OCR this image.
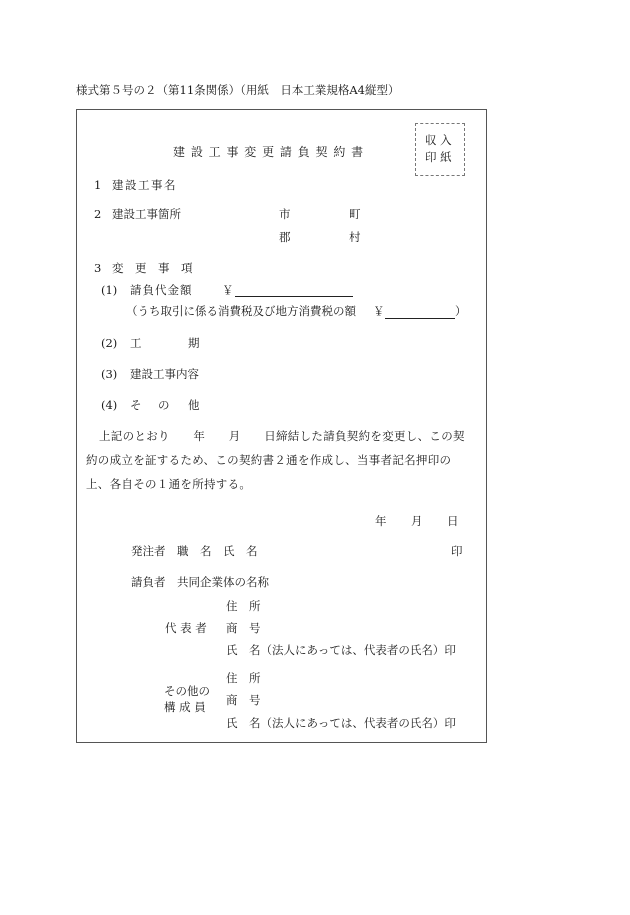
様式第５号の２（第11条関係）（用紙　日本工業規格A4縦型）
建 設 工 事 変 更 請 負 契 約 書
収 入
印 紙
1 建設工事名
2 建設工事箇所	市	町
郡	村
3 変　更　事　項
(1) 請負代金額	￥
（うち取引に係る消費税及び地方消費税の額 ￥	）
(2) 工	期
(3) 建設工事内容
(4) そ の 他
上記のとおり　　年　　月　　日締結した請負契約を変更し、この契
約の成立を証するため、この契約書２通を作成し、当事者記名押印の
上、各自その１通を所持する。
年 月 日
発注者 職　名　氏　名	印
請負者 共同企業体の名称
住　所
代 表 者 商　号
氏　名（法人にあっては、代表者の氏名）印
住　所
その他の
商　号
構 成 員
氏　名（法人にあっては、代表者の氏名）印
